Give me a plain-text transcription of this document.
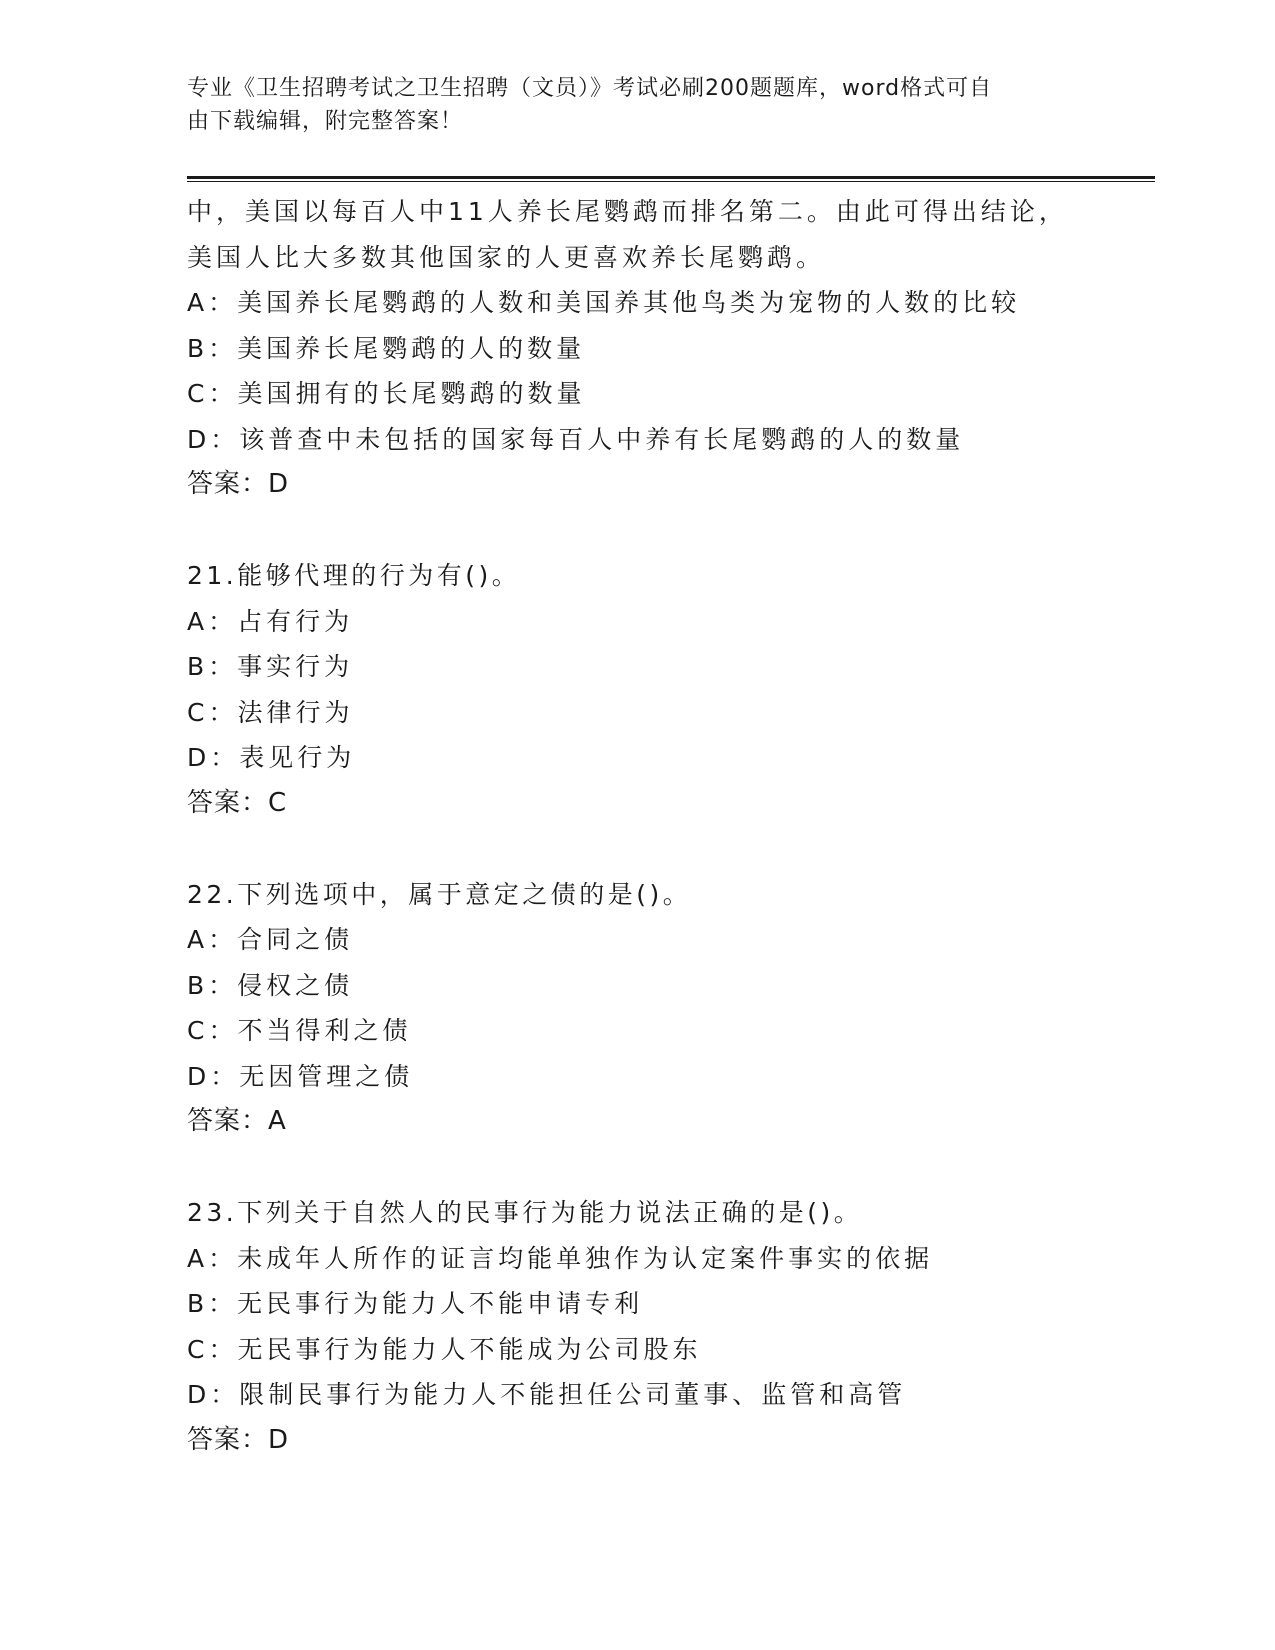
专业《卫生招聘考试之卫生招聘（文员）》考试必刷200题题库，word格式可自
由下载编辑，附完整答案！
中，美国以每百人中11人养长尾鹦鹉而排名第二。由此可得出结论，
美国人比大多数其他国家的人更喜欢养长尾鹦鹉。
A：美国养长尾鹦鹉的人数和美国养其他鸟类为宠物的人数的比较
B：美国养长尾鹦鹉的人的数量
C：美国拥有的长尾鹦鹉的数量
D：该普查中未包括的国家每百人中养有长尾鹦鹉的人的数量
答案：D
21.能够代理的行为有()。
A：占有行为
B：事实行为
C：法律行为
D：表见行为
答案：C
22.下列选项中，属于意定之债的是()。
A：合同之债
B：侵权之债
C：不当得利之债
D：无因管理之债
答案：A
23.下列关于自然人的民事行为能力说法正确的是()。
A：未成年人所作的证言均能单独作为认定案件事实的依据
B：无民事行为能力人不能申请专利
C：无民事行为能力人不能成为公司股东
D：限制民事行为能力人不能担任公司董事、监管和高管
答案：D
